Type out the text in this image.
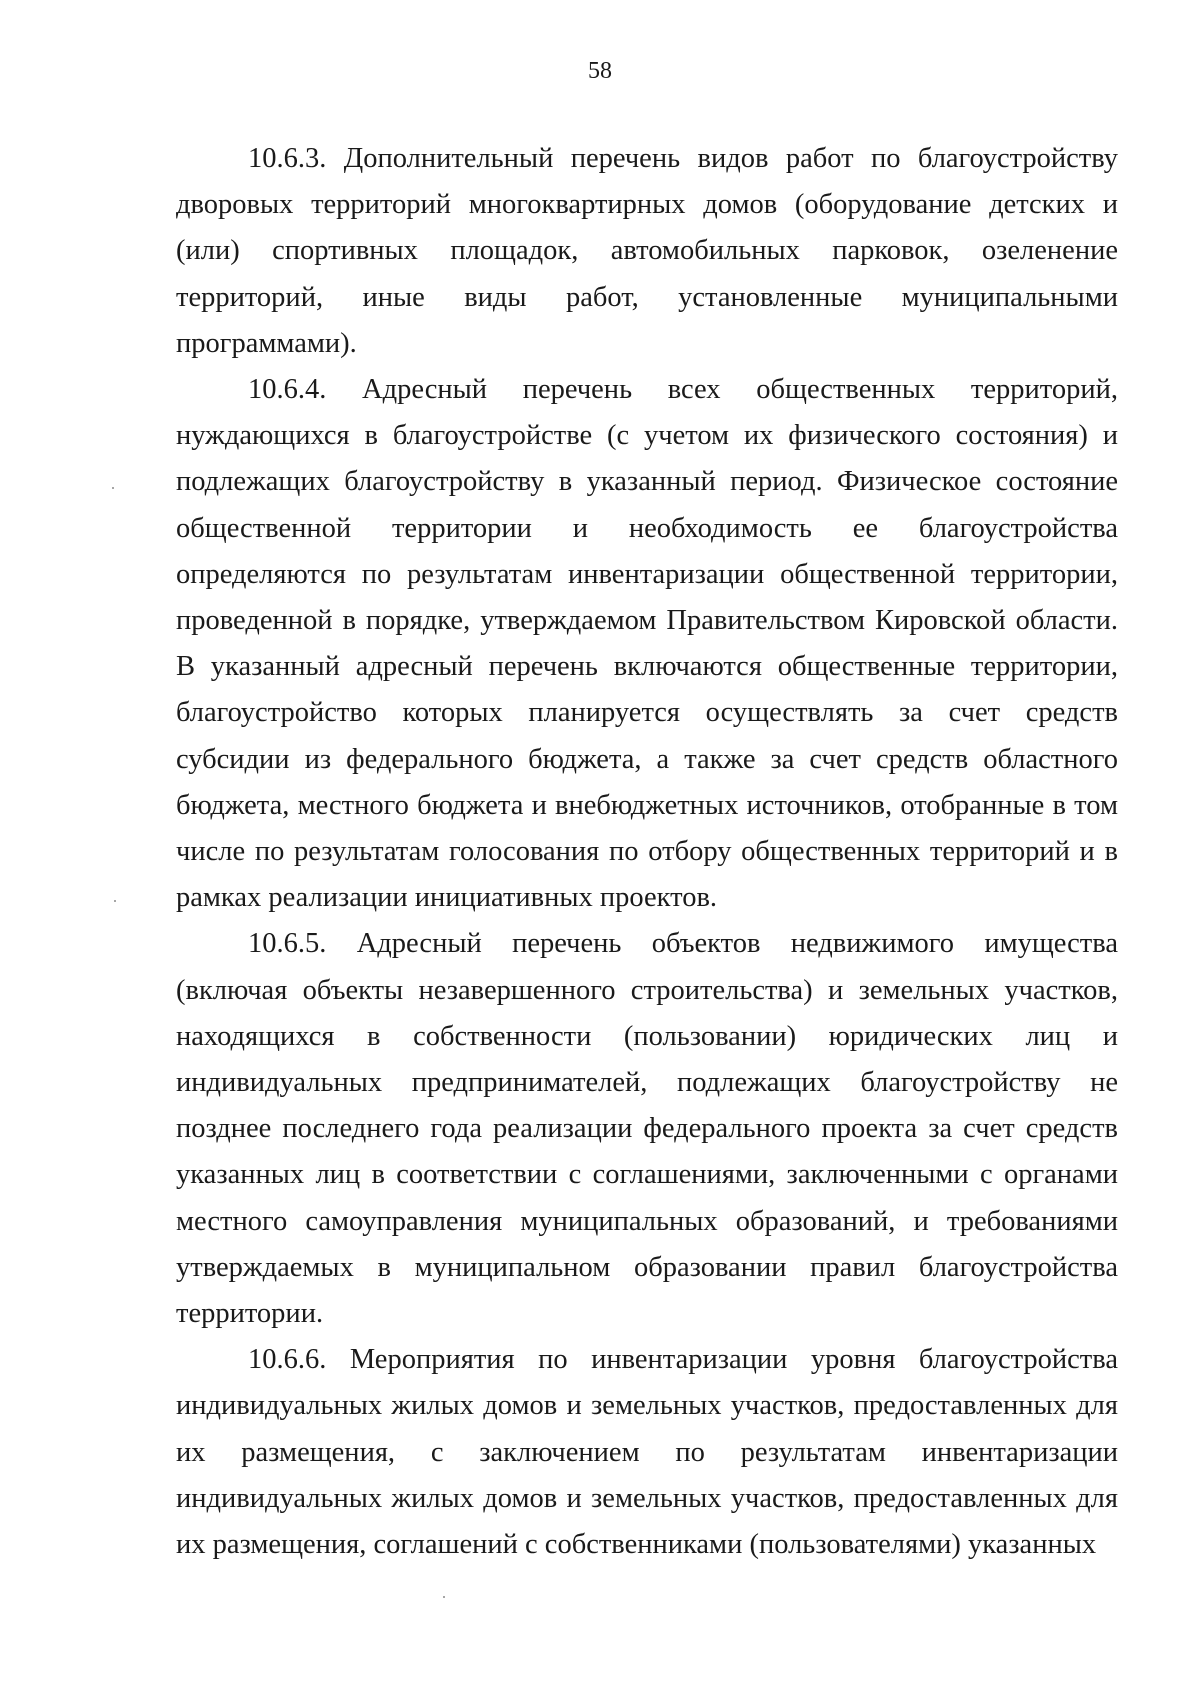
58

10.6.3. Дополнительный перечень видов работ по благоустройству дворовых территорий многоквартирных домов (оборудование детских и (или) спортивных площадок, автомобильных парковок, озеленение территорий, иные виды работ, установленные муниципальными программами).

10.6.4. Адресный перечень всех общественных территорий, нуждающихся в благоустройстве (с учетом их физического состояния) и подлежащих благоустройству в указанный период. Физическое состояние общественной территории и необходимость ее благоустройства определяются по результатам инвентаризации общественной территории, проведенной в порядке, утверждаемом Правительством Кировской области. В указанный адресный перечень включаются общественные территории, благоустройство которых планируется осуществлять за счет средств субсидии из федерального бюджета, а также за счет средств областного бюджета, местного бюджета и внебюджетных источников, отобранные в том числе по результатам голосования по отбору общественных территорий и в рамках реализации инициативных проектов.

10.6.5. Адресный перечень объектов недвижимого имущества (включая объекты незавершенного строительства) и земельных участков, находящихся в собственности (пользовании) юридических лиц и индивидуальных предпринимателей, подлежащих благоустройству не позднее последнего года реализации федерального проекта за счет средств указанных лиц в соответствии с соглашениями, заключенными с органами местного самоуправления муниципальных образований, и требованиями утверждаемых в муниципальном образовании правил благоустройства территории.

10.6.6. Мероприятия по инвентаризации уровня благоустройства индивидуальных жилых домов и земельных участков, предоставленных для их размещения, с заключением по результатам инвентаризации индивидуальных жилых домов и земельных участков, предоставленных для их размещения, соглашений с собственниками (пользователями) указанных
